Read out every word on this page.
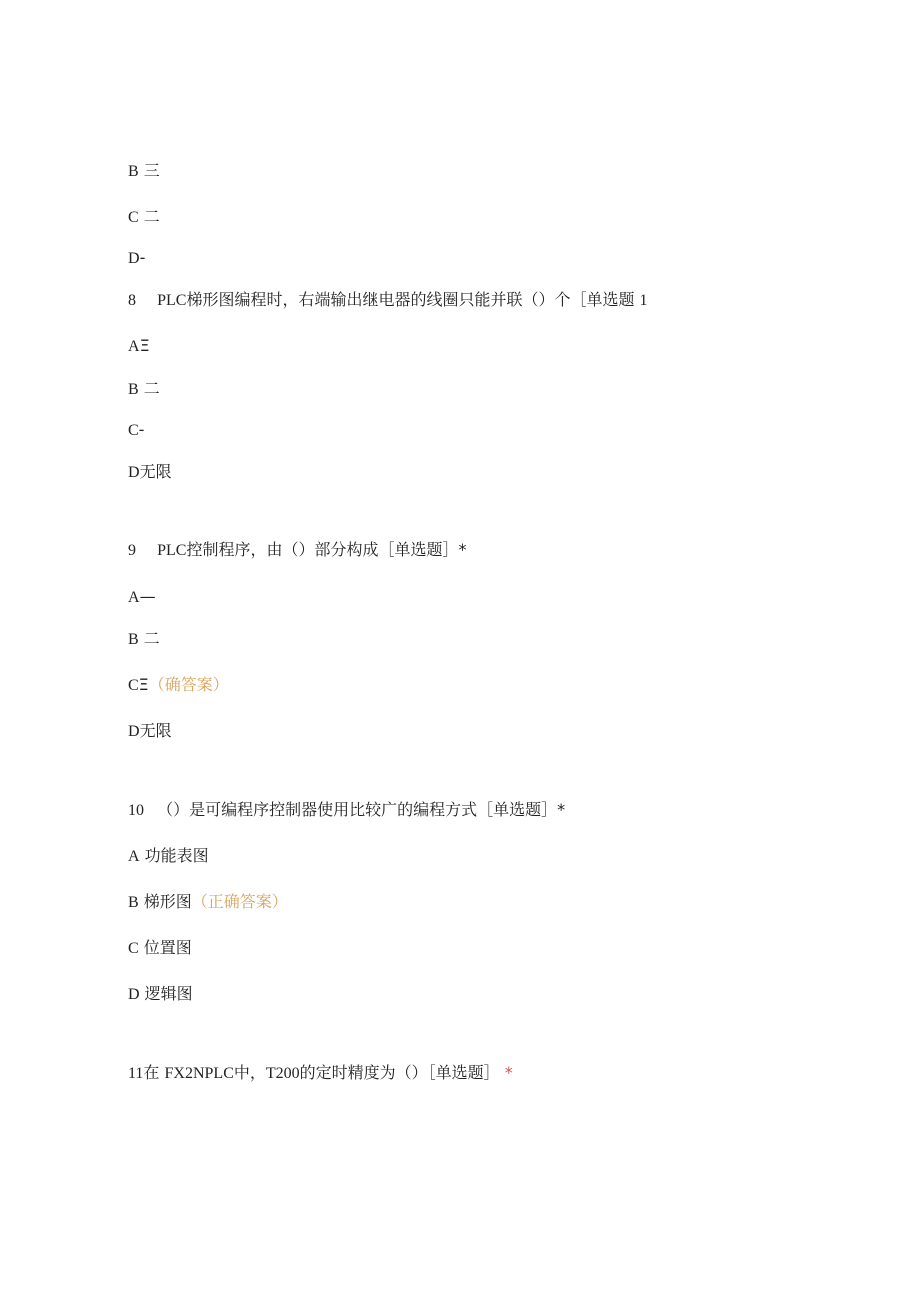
B 三
C 二
D-
8 PLC梯形图编程时，右端输出继电器的线圈只能并联（）个［单选题 1
AΞ
B 二
C-
D无限
9 PLC控制程序，由（）部分构成［单选题］*
A—
B 二
CΞ（确答案）
D无限
10 （）是可编程序控制器使用比较广的编程方式［单选题］*
A 功能表图
B 梯形图（正确答案）
C 位置图
D 逻辑图
11在 FX2NPLC中，T200的定时精度为（）［单选题］ *
